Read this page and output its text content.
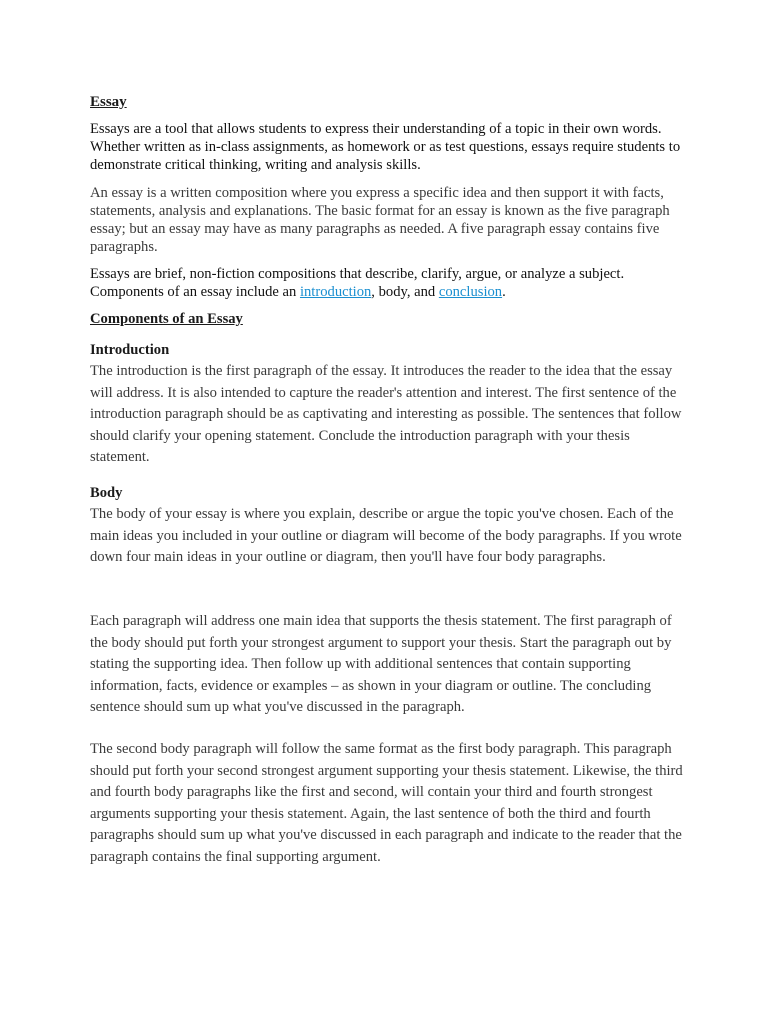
Essay
Essays are a tool that allows students to express their understanding of a topic in their own words. Whether written as in-class assignments, as homework or as test questions, essays require students to demonstrate critical thinking, writing and analysis skills.
An essay is a written composition where you express a specific idea and then support it with facts, statements, analysis and explanations. The basic format for an essay is known as the five paragraph essay; but an essay may have as many paragraphs as needed. A five paragraph essay contains five paragraphs.
Essays are brief, non-fiction compositions that describe, clarify, argue, or analyze a subject. Components of an essay include an introduction, body, and conclusion.
Components of an Essay
Introduction
The introduction is the first paragraph of the essay. It introduces the reader to the idea that the essay will address. It is also intended to capture the reader's attention and interest. The first sentence of the introduction paragraph should be as captivating and interesting as possible. The sentences that follow should clarify your opening statement. Conclude the introduction paragraph with your thesis statement.
Body
The body of your essay is where you explain, describe or argue the topic you've chosen. Each of the main ideas you included in your outline or diagram will become of the body paragraphs. If you wrote down four main ideas in your outline or diagram, then you'll have four body paragraphs.
Each paragraph will address one main idea that supports the thesis statement. The first paragraph of the body should put forth your strongest argument to support your thesis. Start the paragraph out by stating the supporting idea. Then follow up with additional sentences that contain supporting information, facts, evidence or examples – as shown in your diagram or outline. The concluding sentence should sum up what you've discussed in the paragraph.
The second body paragraph will follow the same format as the first body paragraph. This paragraph should put forth your second strongest argument supporting your thesis statement. Likewise, the third and fourth body paragraphs like the first and second, will contain your third and fourth strongest arguments supporting your thesis statement. Again, the last sentence of both the third and fourth paragraphs should sum up what you've discussed in each paragraph and indicate to the reader that the paragraph contains the final supporting argument.
